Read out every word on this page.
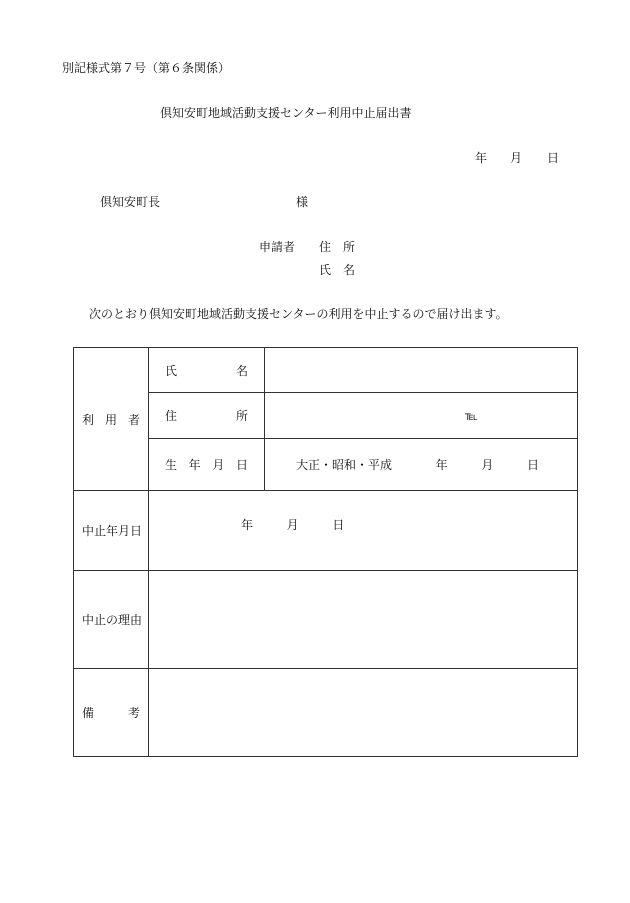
別記様式第７号（第６条関係）
倶知安町地域活動支援センター利用中止届出書
年 月 日
倶知安町長	様
申請者 住 所
氏 名
次のとおり倶知安町地域活動支援センターの利用を中止するので届け出ます。
利 用 者	氏 名	

	住 所	℡

	生 年 月 日	大正・昭和・平成 年 月 日
中止年月日	年 月 日	

中止の理由		

備 考		
